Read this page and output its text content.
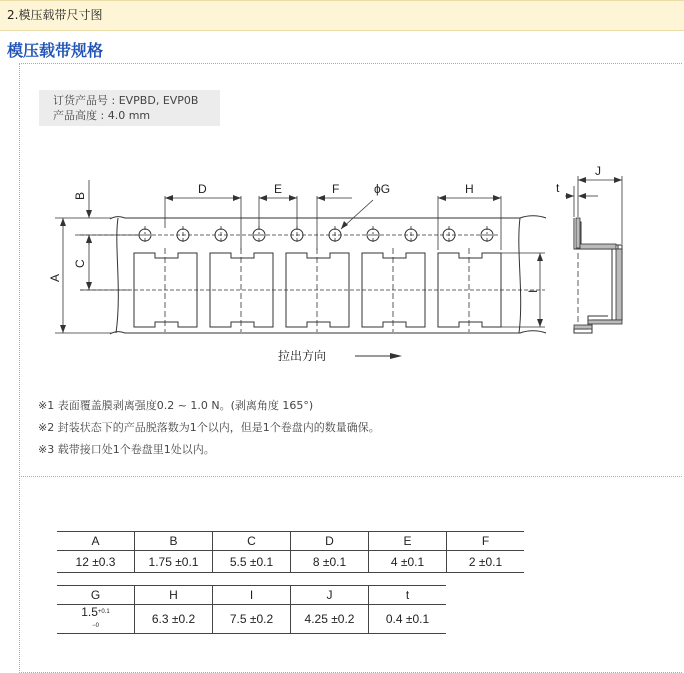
2.模压载带尺寸图
模压载带规格
订货产品号 : EVPBD, EVP0B
产品高度 : 4.0 mm
A
B
C
D	E	F	ϕG	H
I
J
t
拉出方向
※1 表面覆盖膜剥离强度0.2 ~ 1.0 N。(剥离角度 165°)
※2 封装状态下的产品脱落数为1个以内，但是1个卷盘内的数量确保。
※3 载带接口处1个卷盘里1处以内。
A	B	C	D	E	F
12 ±0.3	1.75 ±0.1	5.5 ±0.1	8 ±0.1	4 ±0.1	2 ±0.1
G	H	I	J	t
$1.5^{+0.1 -0}$	6.3 ±0.2	7.5 ±0.2	4.25 ±0.2	0.4 ±0.1
